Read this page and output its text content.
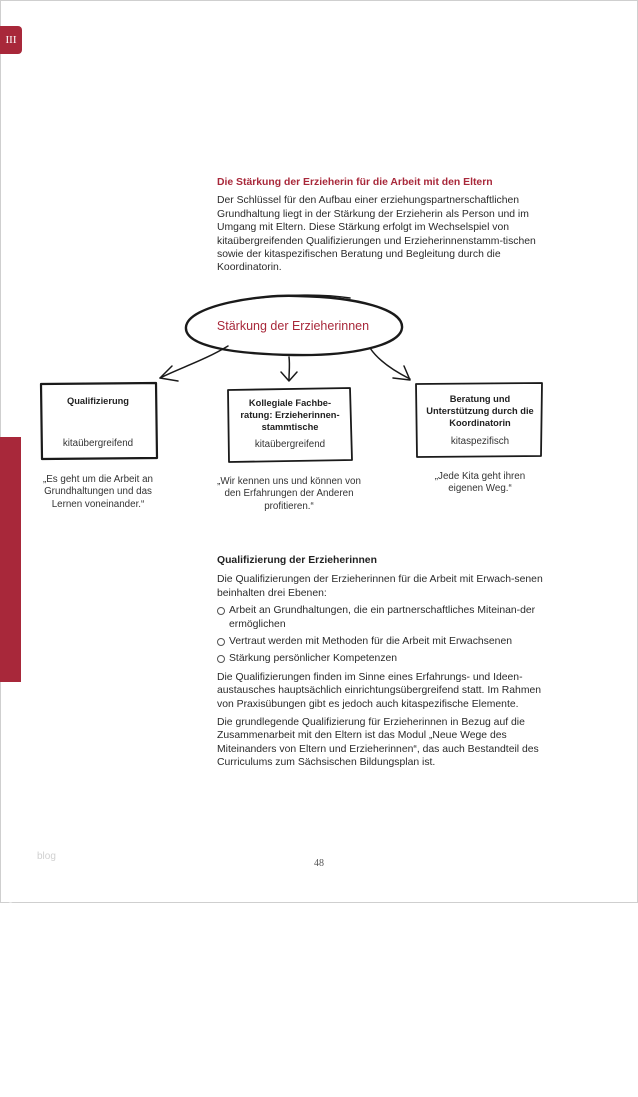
III
Auf- und Ausbau einer erziehungspartnerschaftlichen Elternarbeit

Die Stärkung der Erzieherin für die Arbeit mit den Eltern

Der Schlüssel für den Aufbau einer erziehungspartnerschaftlichen Grundhaltung liegt in der Stärkung der Erzieherin als Person und im Umgang mit Eltern. Diese Stärkung erfolgt im Wechselspiel von kitaübergreifenden Qualifizierungen und Erzieherinnenstamm-tischen sowie der kitaspezifischen Beratung und Begleitung durch die Koordinatorin.

Stärkung der Erzieherinnen
Qualifizierung
kitaübergreifend
„Es geht um die Arbeit an Grundhaltungen und das Lernen voneinander.“
Kollegiale Fachbe-ratung: Erzieherinnen-stammtische
kitaübergreifend
„Wir kennen uns und können von den Erfahrungen der Anderen profitieren.“
Beratung und Unterstützung durch die Koordinatorin
kitaspezifisch
„Jede Kita geht ihren eigenen Weg.“

Qualifizierung der Erzieherinnen

Die Qualifizierungen der Erzieherinnen für die Arbeit mit Erwach-senen beinhalten drei Ebenen:

Arbeit an Grundhaltungen, die ein partnerschaftliches Miteinan-der ermöglichen
Vertraut werden mit Methoden für die Arbeit mit Erwachsenen
Stärkung persönlicher Kompetenzen

Die Qualifizierungen finden im Sinne eines Erfahrungs- und Ideen-austausches hauptsächlich einrichtungsübergreifend statt. Im Rahmen von Praxisübungen gibt es jedoch auch kitaspezifische Elemente.

Die grundlegende Qualifizierung für Erzieherinnen in Bezug auf die Zusammenarbeit mit den Eltern ist das Modul „Neue Wege des Miteinanders von Eltern und Erzieherinnen“, das auch Bestandteil des Curriculums zum Sächsischen Bildungsplan ist.

blog
48
